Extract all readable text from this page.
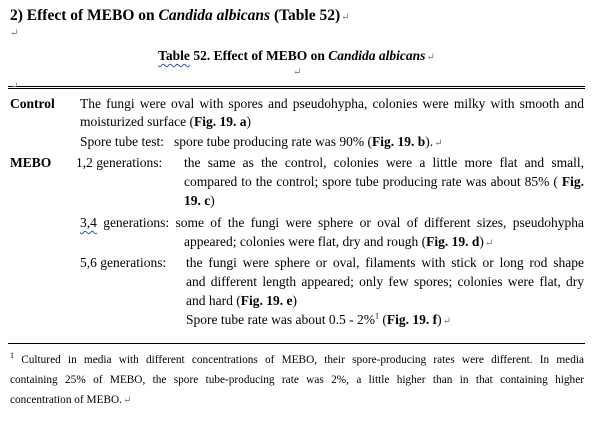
2) Effect of MEBO on Candida albicans (Table 52)↵
↵
Table 52. Effect of MEBO on Candida albicans↵
↵
↵
Control The fungi were oval with spores and pseudohypha, colonies were milky with smooth and
moisturized surface (Fig. 19. a)
Spore tube test: spore tube producing rate was 90% (Fig. 19. b).↵
MEBO 1,2 generations: the same as the control, colonies were a little more flat and small,
compared to the control; spore tube producing rate was about 85% ( Fig.
19. c)
3,4 generations: some of the fungi were sphere or oval of different sizes, pseudohypha
appeared; colonies were flat, dry and rough (Fig. 19. d)↵
5,6 generations: the fungi were sphere or oval, filaments with stick or long rod shape
and different length appeared; only few spores; colonies were flat, dry
and hard (Fig. 19. e)
Spore tube rate was about 0.5 - 2%$^1$ (Fig. 19. f)↵
$^1$ Cultured in media with different concentrations of MEBO, their spore-producing rates were different. In media
containing 25% of MEBO, the spore tube-producing rate was 2%, a little higher than in that containing higher
concentration of MEBO.↵
